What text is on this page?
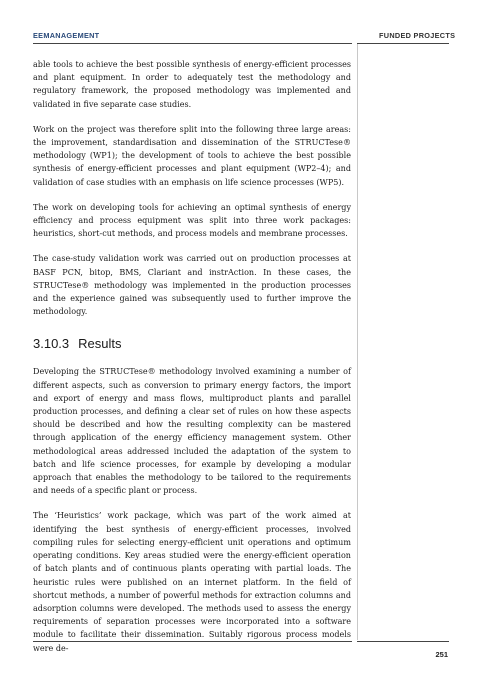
EEMANAGEMENT	FUNDED PROJECTS

able tools to achieve the best possible synthesis of energy-efficient processes and plant equipment. In order to adequately test the methodology and regulatory framework, the proposed methodology was implemented and validated in five separate case studies.

Work on the project was therefore split into the following three large areas: the improvement, standardisation and dissemination of the STRUCTese® methodology (WP1); the development of tools to achieve the best possible synthesis of energy-efficient processes and plant equipment (WP2–4); and validation of case studies with an emphasis on life science processes (WP5).

The work on developing tools for achieving an optimal synthesis of energy efficiency and process equipment was split into three work packages: heuristics, short-cut methods, and process models and membrane processes.

The case-study validation work was carried out on production processes at BASF PCN, bitop, BMS, Clariant and instrAction. In these cases, the STRUCTese® methodology was implemented in the production processes and the experience gained was subsequently used to further improve the methodology.

3.10.3 Results

Developing the STRUCTese® methodology involved examining a number of different aspects, such as conversion to primary energy factors, the import and export of energy and mass flows, multiproduct plants and parallel production processes, and defining a clear set of rules on how these aspects should be described and how the resulting complexity can be mastered through application of the energy efficiency management system. Other methodological areas addressed included the adaptation of the system to batch and life science processes, for example by developing a modular approach that enables the methodology to be tailored to the requirements and needs of a specific plant or process.

The ‘Heuristics’ work package, which was part of the work aimed at identifying the best synthesis of energy-efficient processes, involved compiling rules for selecting energy-efficient unit operations and optimum operating conditions. Key areas studied were the energy-efficient operation of batch plants and of continuous plants operating with partial loads. The heuristic rules were published on an internet platform. In the field of shortcut methods, a number of powerful methods for extraction columns and adsorption columns were developed. The methods used to assess the energy requirements of separation processes were incorporated into a software module to facilitate their dissemination. Suitably rigorous process models were de-

251
